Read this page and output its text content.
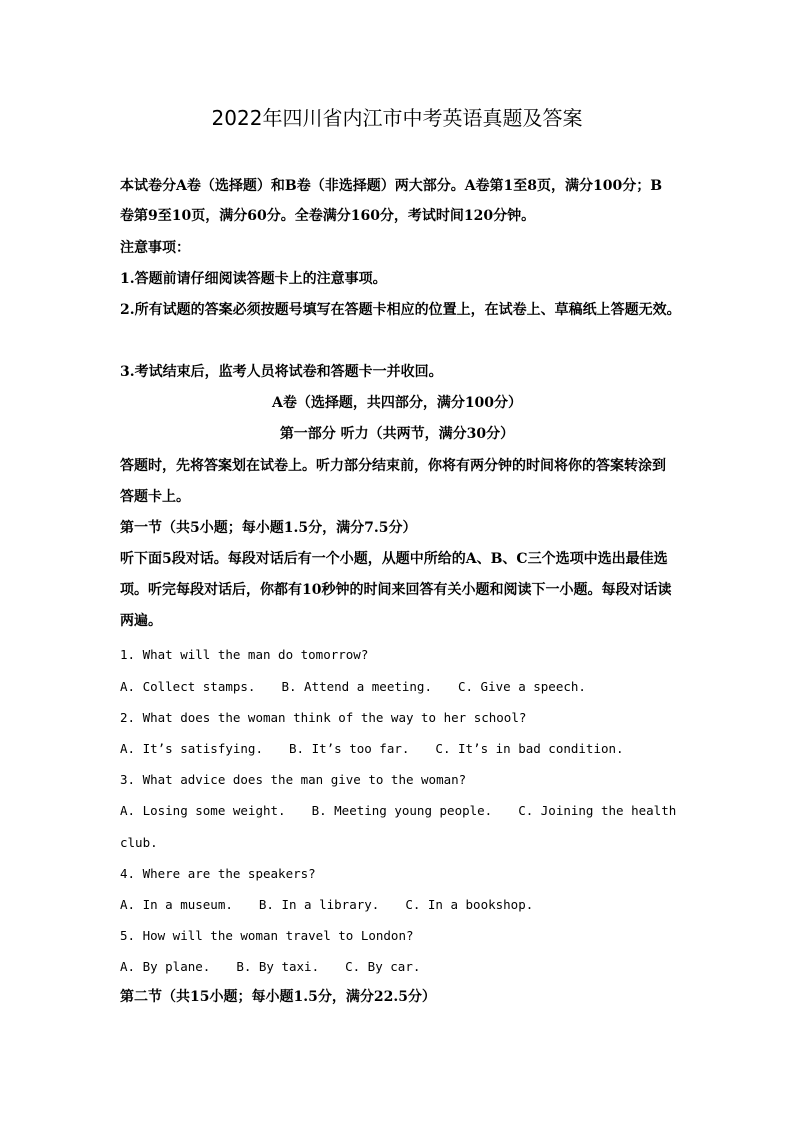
2022年四川省内江市中考英语真题及答案
本试卷分A卷（选择题）和B卷（非选择题）两大部分。A卷第1至8页，满分100分；B
卷第9至10页，满分60分。全卷满分160分，考试时间120分钟。
注意事项：
1.答题前请仔细阅读答题卡上的注意事项。
2.所有试题的答案必须按题号填写在答题卡相应的位置上，在试卷上、草稿纸上答题无效。
3.考试结束后，监考人员将试卷和答题卡一并收回。
A卷（选择题，共四部分，满分100分）
第一部分 听力（共两节，满分30分）
答题时，先将答案划在试卷上。听力部分结束前，你将有两分钟的时间将你的答案转涂到
答题卡上。
第一节（共5小题；每小题1.5分，满分7.5分）
听下面5段对话。每段对话后有一个小题，从题中所给的A、B、C三个选项中选出最佳选
项。听完每段对话后，你都有10秒钟的时间来回答有关小题和阅读下一小题。每段对话读
两遍。
1. What will the man do tomorrow?
A. Collect stamps. B. Attend a meeting. C. Give a speech.
2. What does the woman think of the way to her school?
A. It’s satisfying. B. It’s too far. C. It’s in bad condition.
3. What advice does the man give to the woman?
A. Losing some weight. B. Meeting young people. C. Joining the health
club.
4. Where are the speakers?
A. In a museum. B. In a library. C. In a bookshop.
5. How will the woman travel to London?
A. By plane. B. By taxi. C. By car.
第二节（共15小题；每小题1.5分，满分22.5分）
